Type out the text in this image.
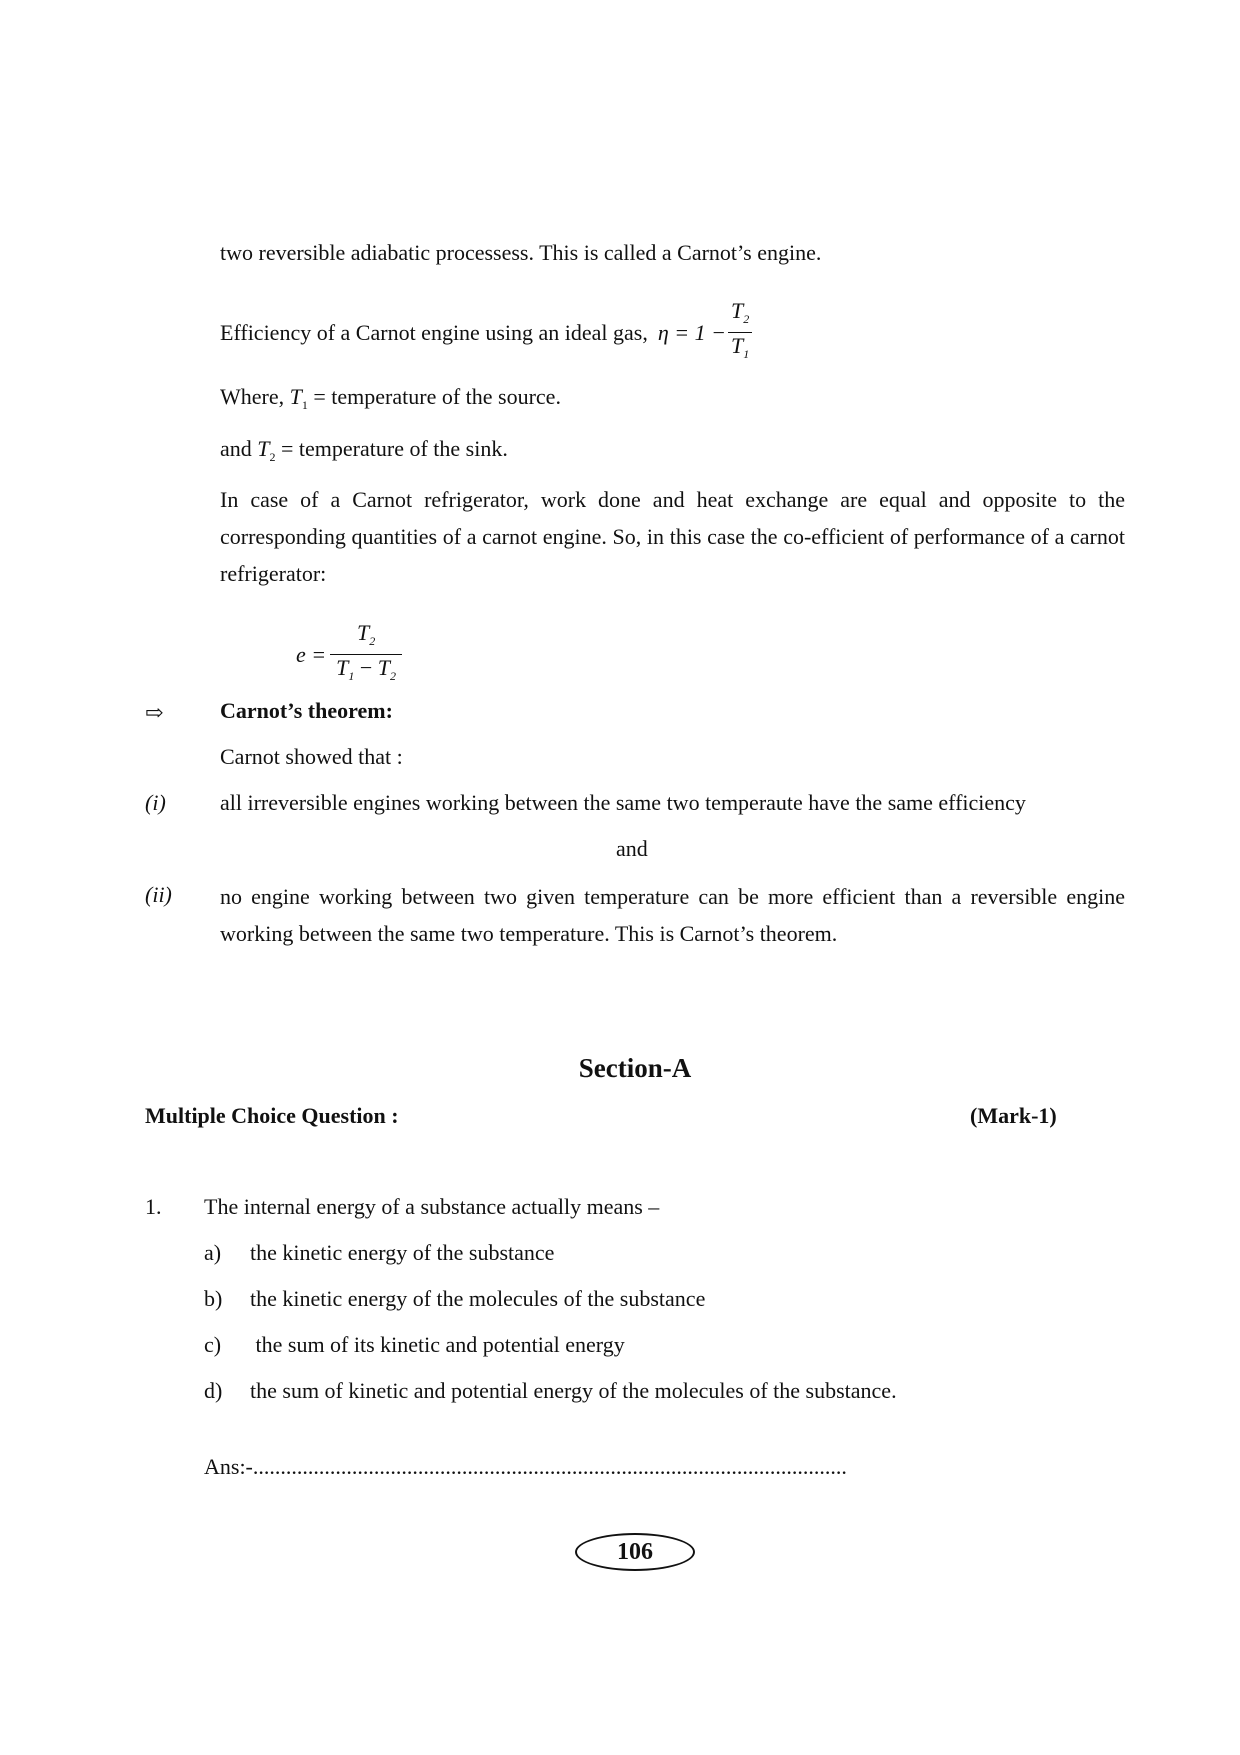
two reversible adiabatic processess. This is called a Carnot’s engine.
Efficiency of a Carnot engine using an ideal gas, $\eta = 1 - \frac{T_2}{T_1}$
Where, $T_1$ = temperature of the source.
and $T_2$ = temperature of the sink.
In case of a Carnot refrigerator, work done and heat exchange are equal and opposite to the corresponding quantities of a carnot engine. So, in this case the co-efficient of performance of a carnot refrigerator:
$e = \frac{T_2}{T_1 - T_2}$
⇨	Carnot’s theorem:
Carnot showed that :
(i) all irreversible engines working between the same two temperaute have the same efficiency
and
(ii) no engine working between two given temperature can be more efficient than a reversible engine working between the same two temperature. This is Carnot’s theorem.
Section-A
Multiple Choice Question :	(Mark-1)
1. The internal energy of a substance actually means –
a) the kinetic energy of the substance
b) the kinetic energy of the molecules of the substance
c) the sum of its kinetic and potential energy
d) the sum of kinetic and potential energy of the molecules of the substance.
Ans:-............................................................................................................
106
